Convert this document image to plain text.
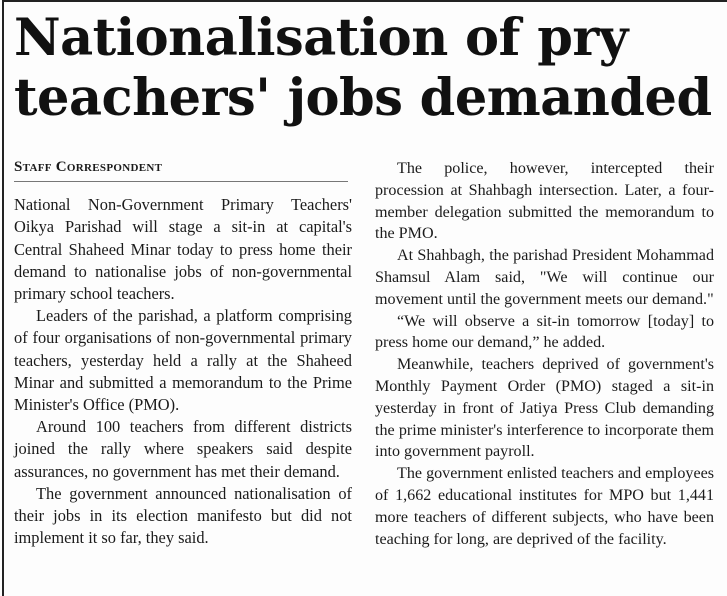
Nationalisation of pry
teachers' jobs demanded
Staff Correspondent

National Non-Government Primary Teachers' Oikya Parishad will stage a sit-in at capital's Central Shaheed Minar today to press home their demand to nationalise jobs of non-governmental primary school teachers.

Leaders of the parishad, a platform comprising of four organisations of non-governmental primary teachers, yesterday held a rally at the Shaheed Minar and submitted a memorandum to the Prime Minister's Office (PMO).

Around 100 teachers from different districts joined the rally where speakers said despite assurances, no government has met their demand.

The government announced nationalisation of their jobs in its election manifesto but did not implement it so far, they said.

The police, however, intercepted their procession at Shahbagh intersection. Later, a four-member delegation submitted the memorandum to the PMO.

At Shahbagh, the parishad President Mohammad Shamsul Alam said, "We will continue our movement until the government meets our demand."

“We will observe a sit-in tomorrow [today] to press home our demand,” he added.

Meanwhile, teachers deprived of government's Monthly Payment Order (PMO) staged a sit-in yesterday in front of Jatiya Press Club demanding the prime minister's interference to incorporate them into government payroll.

The government enlisted teachers and employees of 1,662 educational institutes for MPO but 1,441 more teachers of different subjects, who have been teaching for long, are deprived of the facility.
